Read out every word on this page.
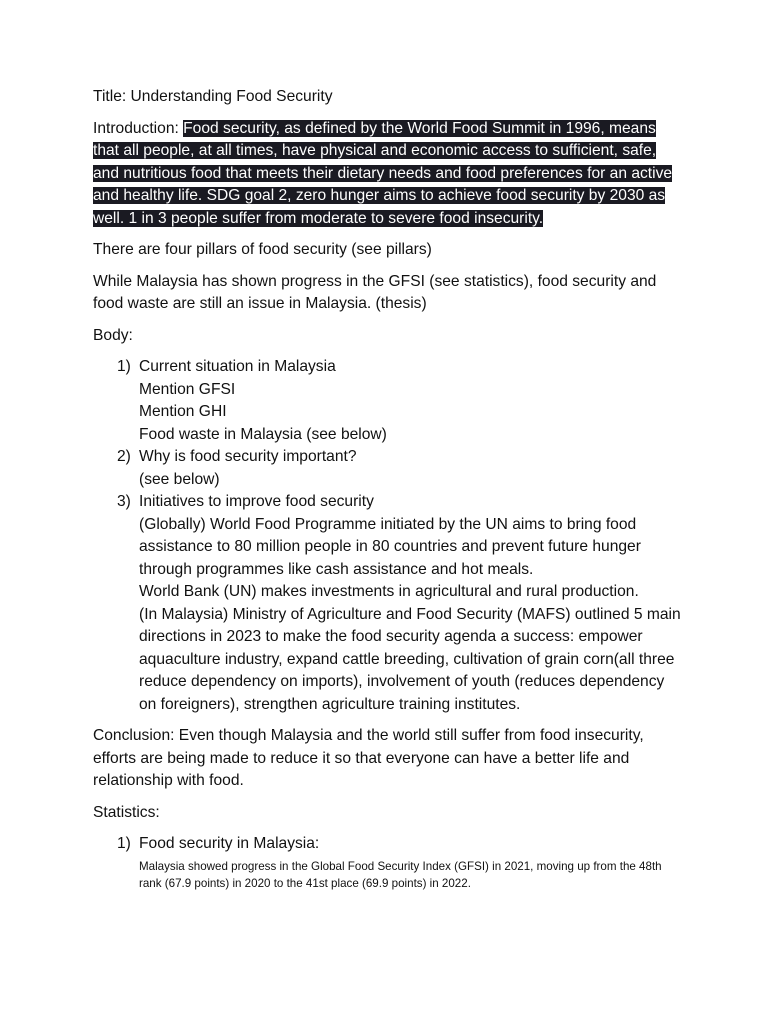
Title: Understanding Food Security

Introduction: Food security, as defined by the World Food Summit in 1996, means that all people, at all times, have physical and economic access to sufficient, safe, and nutritious food that meets their dietary needs and food preferences for an active and healthy life. SDG goal 2, zero hunger aims to achieve food security by 2030 as well. 1 in 3 people suffer from moderate to severe food insecurity.

There are four pillars of food security (see pillars)

While Malaysia has shown progress in the GFSI (see statistics), food security and food waste are still an issue in Malaysia. (thesis)

Body:

1) Current situation in Malaysia
Mention GFSI
Mention GHI
Food waste in Malaysia (see below)
2) Why is food security important?
(see below)
3) Initiatives to improve food security
(Globally) World Food Programme initiated by the UN aims to bring food assistance to 80 million people in 80 countries and prevent future hunger through programmes like cash assistance and hot meals.
World Bank (UN) makes investments in agricultural and rural production.
(In Malaysia) Ministry of Agriculture and Food Security (MAFS) outlined 5 main directions in 2023 to make the food security agenda a success: empower aquaculture industry, expand cattle breeding, cultivation of grain corn(all three reduce dependency on imports), involvement of youth (reduces dependency on foreigners), strengthen agriculture training institutes.

Conclusion: Even though Malaysia and the world still suffer from food insecurity, efforts are being made to reduce it so that everyone can have a better life and relationship with food.

Statistics:

1) Food security in Malaysia:
Malaysia showed progress in the Global Food Security Index (GFSI) in 2021, moving up from the 48th rank (67.9 points) in 2020 to the 41st place (69.9 points) in 2022.
